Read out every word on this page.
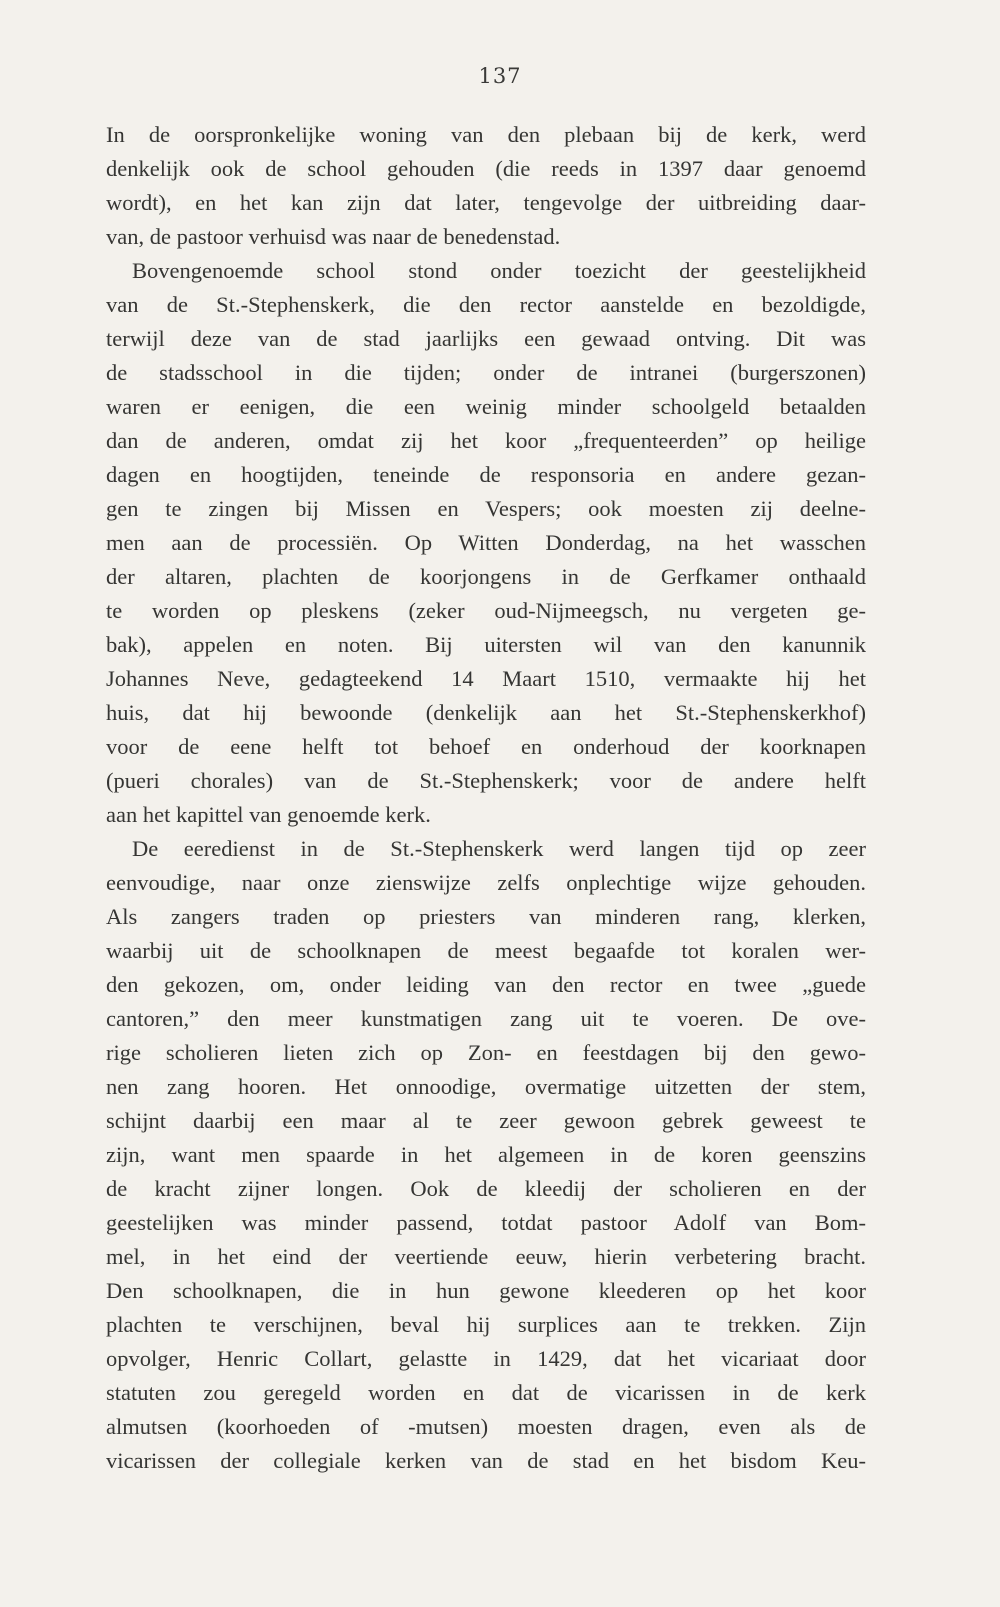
137
In de oorspronkelijke woning van den plebaan bij de kerk, werd
denkelijk ook de school gehouden (die reeds in 1397 daar genoemd
wordt), en het kan zijn dat later, tengevolge der uitbreiding daar-
van, de pastoor verhuisd was naar de benedenstad.
Bovengenoemde school stond onder toezicht der geestelijkheid
van de St.-Stephenskerk, die den rector aanstelde en bezoldigde,
terwijl deze van de stad jaarlijks een gewaad ontving. Dit was
de stadsschool in die tijden; onder de intranei (burgerszonen)
waren er eenigen, die een weinig minder schoolgeld betaalden
dan de anderen, omdat zij het koor „frequenteerden” op heilige
dagen en hoogtijden, teneinde de responsoria en andere gezan-
gen te zingen bij Missen en Vespers; ook moesten zij deelne-
men aan de processiën. Op Witten Donderdag, na het wasschen
der altaren, plachten de koorjongens in de Gerfkamer onthaald
te worden op pleskens (zeker oud-Nijmeegsch, nu vergeten ge-
bak), appelen en noten. Bij uitersten wil van den kanunnik
Johannes Neve, gedagteekend 14 Maart 1510, vermaakte hij het
huis, dat hij bewoonde (denkelijk aan het St.-Stephenskerkhof)
voor de eene helft tot behoef en onderhoud der koorknapen
(pueri chorales) van de St.-Stephenskerk; voor de andere helft
aan het kapittel van genoemde kerk.
De eeredienst in de St.-Stephenskerk werd langen tijd op zeer
eenvoudige, naar onze zienswijze zelfs onplechtige wijze gehouden.
Als zangers traden op priesters van minderen rang, klerken,
waarbij uit de schoolknapen de meest begaafde tot koralen wer-
den gekozen, om, onder leiding van den rector en twee „guede
cantoren,” den meer kunstmatigen zang uit te voeren. De ove-
rige scholieren lieten zich op Zon- en feestdagen bij den gewo-
nen zang hooren. Het onnoodige, overmatige uitzetten der stem,
schijnt daarbij een maar al te zeer gewoon gebrek geweest te
zijn, want men spaarde in het algemeen in de koren geenszins
de kracht zijner longen. Ook de kleedij der scholieren en der
geestelijken was minder passend, totdat pastoor Adolf van Bom-
mel, in het eind der veertiende eeuw, hierin verbetering bracht.
Den schoolknapen, die in hun gewone kleederen op het koor
plachten te verschijnen, beval hij surplices aan te trekken. Zijn
opvolger, Henric Collart, gelastte in 1429, dat het vicariaat door
statuten zou geregeld worden en dat de vicarissen in de kerk
almutsen (koorhoeden of -mutsen) moesten dragen, even als de
vicarissen der collegiale kerken van de stad en het bisdom Keu-
